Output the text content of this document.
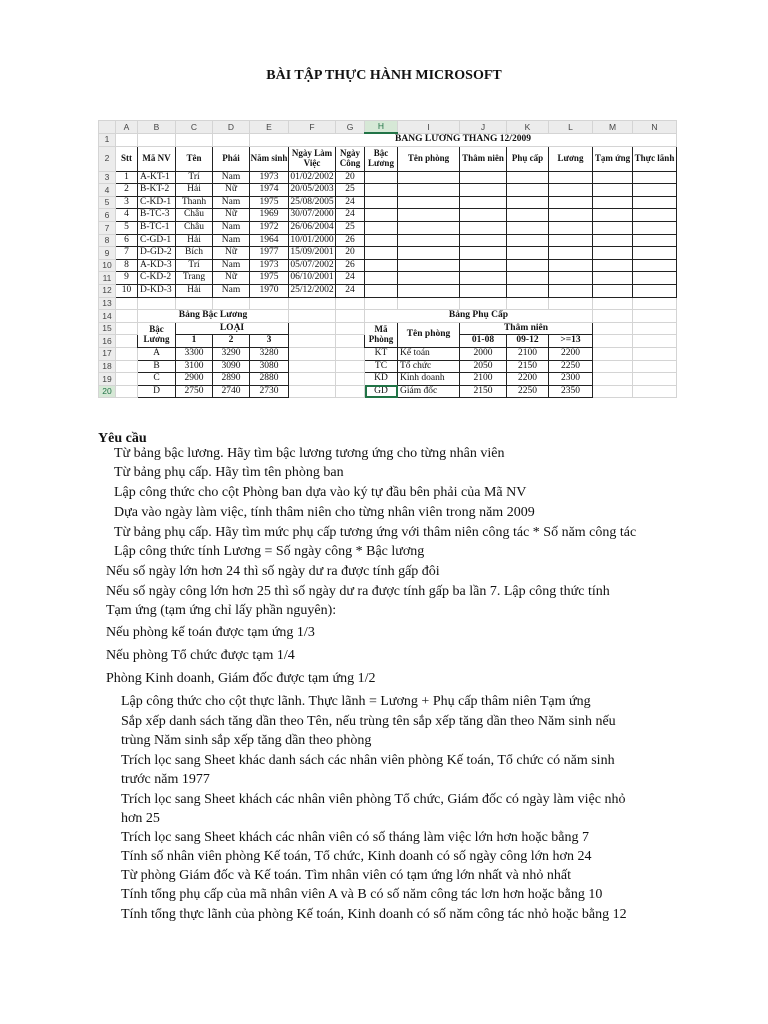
BÀI TẬP THỰC HÀNH MICROSOFT
	A	B	C	D	E	F	G	H	I	J	K	L	M	N
1					BẢNG LƯƠNG THÁNG 12/2009									
2	Stt	Mã NV	Tên	Phái	Năm sinh	Ngày Làm Việc	Ngày Công	Bậc Lương	Tên phòng	Thâm niên	Phụ cấp	Lương	Tạm ứng	Thực lãnh
3	1	A-KT-1	Trí	Nam	1973	01/02/2002	20							
4	2	B-KT-2	Hải	Nữ	1974	20/05/2003	25							
5	3	C-KD-1	Thanh	Nam	1975	25/08/2005	24							
6	4	B-TC-3	Châu	Nữ	1969	30/07/2000	24							
7	5	B-TC-1	Châu	Nam	1972	26/06/2004	25							
8	6	C-GD-1	Hải	Nam	1964	10/01/2000	26							
9	7	D-GD-2	Bích	Nữ	1977	15/09/2001	20							
10	8	A-KD-3	Trí	Nam	1973	05/07/2002	26							
11	9	C-KD-2	Trang	Nữ	1975	06/10/2001	24							
12	10	D-KD-3	Hải	Nam	1970	25/12/2002	24							
13														
14		Bảng Bậc Lương						Bảng Phụ Cấp						
15		Bậc Lương	LOẠI					Mã Phòng	Tên phòng	Thâm niên				
16			1	2	3					01-08	09-12	>=13		
17		A	3300	3290	3280			KT	Kế toán	2000	2100	2200		
18		B	3100	3090	3080			TC	Tổ chức	2050	2150	2250		
19		C	2900	2890	2880			KD	Kinh doanh	2100	2200	2300		
20		D	2750	2740	2730			GD	Giám đốc	2150	2250	2350		
Yêu cầu
Từ bảng bậc lương. Hãy tìm bậc lương tương ứng cho từng nhân viên
Từ bảng phụ cấp. Hãy tìm tên phòng ban
Lập công thức cho cột Phòng ban dựa vào ký tự đầu bên phải của Mã NV
Dựa vào ngày làm việc, tính thâm niên cho từng nhân viên trong năm 2009
Từ bảng phụ cấp. Hãy tìm mức phụ cấp tương ứng với thâm niên công tác * Số năm công tác
Lập công thức tính Lương = Số ngày công * Bậc lương
Nếu số ngày lớn hơn 24 thì số ngày dư ra được tính gấp đôi
Nếu số ngày công lớn hơn 25 thì số ngày dư ra được tính gấp ba lần 7. Lập công thức tính
Tạm ứng (tạm ứng chỉ lấy phần nguyên):
Nếu phòng kế toán được tạm ứng 1/3
Nếu phòng Tổ chức được tạm 1/4
Phòng Kinh doanh, Giám đốc được tạm ứng 1/2
Lập công thức cho cột thực lãnh. Thực lãnh = Lương + Phụ cấp thâm niên Tạm ứng
Sắp xếp danh sách tăng dần theo Tên, nếu trùng tên sắp xếp tăng dần theo Năm sinh nếu
trùng Năm sinh sắp xếp tăng dần theo phòng
Trích lọc sang Sheet khác danh sách các nhân viên phòng Kế toán, Tổ chức có năm sinh
trước năm 1977
Trích lọc sang Sheet khách các nhân viên phòng Tổ chức, Giám đốc có ngày làm việc nhỏ
hơn 25
Trích lọc sang Sheet khách các nhân viên có số tháng làm việc lớn hơn hoặc bằng 7
Tính số nhân viên phòng Kế toán, Tổ chức, Kinh doanh có số ngày công lớn hơn 24
Từ phòng Giám đốc và Kế toán. Tìm nhân viên có tạm ứng lớn nhất và nhỏ nhất
Tính tổng phụ cấp của mã nhân viên A và B có số năm công tác lơn hơn hoặc bằng 10
Tính tổng thực lãnh của phòng Kế toán, Kinh doanh có số năm công tác nhỏ hoặc bằng 12
